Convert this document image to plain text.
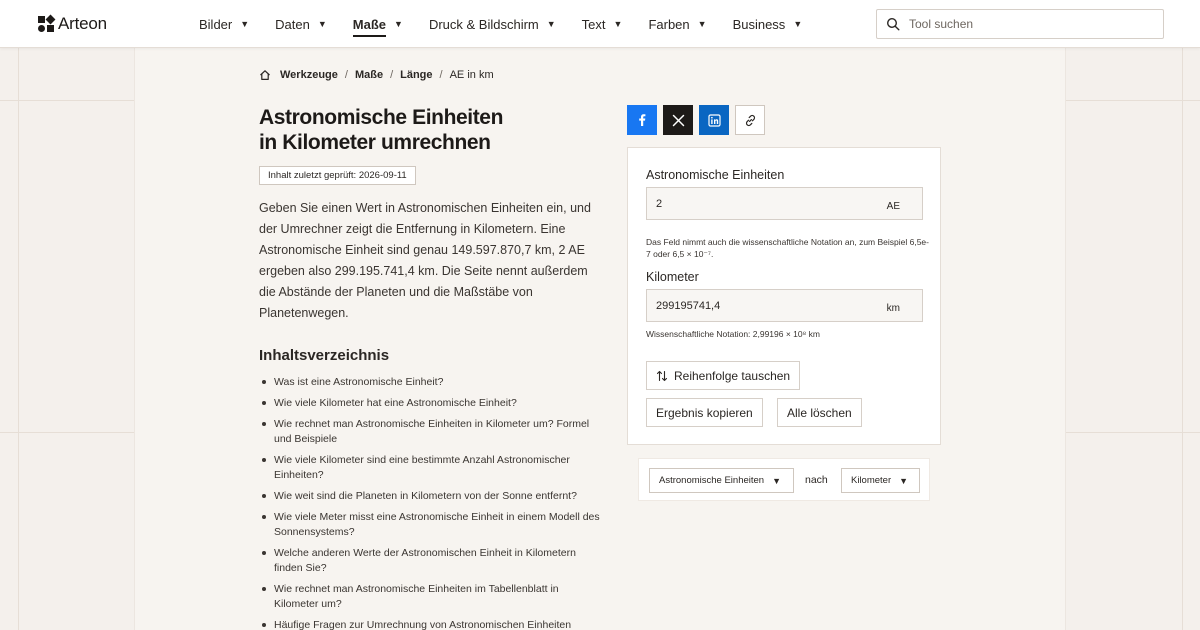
Arteon	Bilder ▼ Daten ▼ Maße ▼ Druck & Bildschirm ▼ Text ▼ Farben ▼ Business ▼
Tool suchen
Werkzeuge / Maße / Länge / AE in km
Astronomische Einheiten
in Kilometer umrechnen
Inhalt zuletzt geprüft: 2026-09-11

Geben Sie einen Wert in Astronomischen Einheiten ein, und der Umrechner zeigt die Entfernung in Kilometern. Eine Astronomische Einheit sind genau 149.597.870,7 km, 2 AE ergeben also 299.195.741,4 km. Die Seite nennt außerdem die Abstände der Planeten und die Maßstäbe von Planetenwegen.

Inhaltsverzeichnis
Was ist eine Astronomische Einheit?
Wie viele Kilometer hat eine Astronomische Einheit?
Wie rechnet man Astronomische Einheiten in Kilometer um? Formel und Beispiele
Wie viele Kilometer sind eine bestimmte Anzahl Astronomischer Einheiten?
Wie weit sind die Planeten in Kilometern von der Sonne entfernt?
Wie viele Meter misst eine Astronomische Einheit in einem Modell des Sonnensystems?
Welche anderen Werte der Astronomischen Einheit in Kilometern finden Sie?
Wie rechnet man Astronomische Einheiten im Tabellenblatt in Kilometer um?
Häufige Fragen zur Umrechnung von Astronomischen Einheiten
Astronomische Einheiten
2
AE

Das Feld nimmt auch die wissenschaftliche Notation an, zum Beispiel 6,5e-7 oder 6,5 × 10⁻⁷.

Kilometer
299195741,4
km

Wissenschaftliche Notation: 2,99196 × 10⁸ km

Reihenfolge tauschen
Ergebnis kopieren	Alle löschen
Astronomische Einheiten ▼ nach Kilometer ▼
